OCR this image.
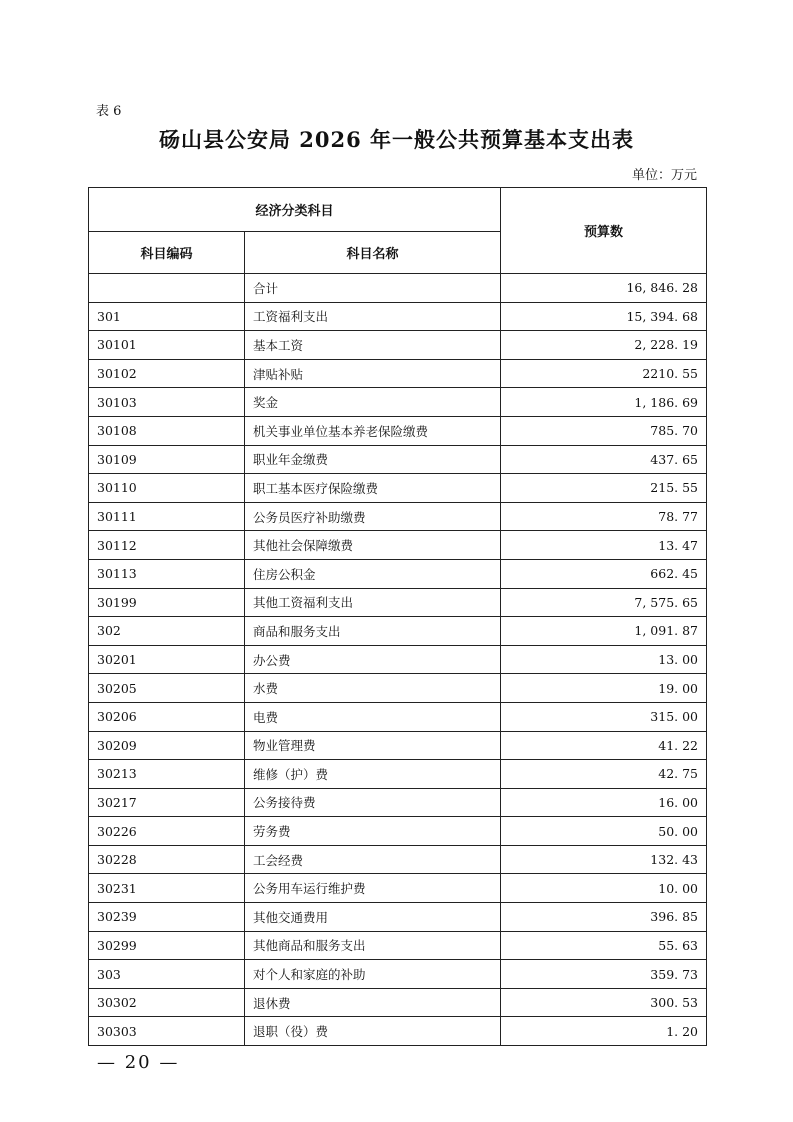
表 6
砀山县公安局 2026 年一般公共预算基本支出表
单位：万元
经济分类科目		预算数
科目编码	科目名称	
	合计	16, 846. 28
301	工资福利支出	15, 394. 68
30101	基本工资	2, 228. 19
30102	津贴补贴	2210. 55
30103	奖金	1, 186. 69
30108	机关事业单位基本养老保险缴费	785. 70
30109	职业年金缴费	437. 65
30110	职工基本医疗保险缴费	215. 55
30111	公务员医疗补助缴费	78. 77
30112	其他社会保障缴费	13. 47
30113	住房公积金	662. 45
30199	其他工资福利支出	7, 575. 65
302	商品和服务支出	1, 091. 87
30201	办公费	13. 00
30205	水费	19. 00
30206	电费	315. 00
30209	物业管理费	41. 22
30213	维修（护）费	42. 75
30217	公务接待费	16. 00
30226	劳务费	50. 00
30228	工会经费	132. 43
30231	公务用车运行维护费	10. 00
30239	其他交通费用	396. 85
30299	其他商品和服务支出	55. 63
303	对个人和家庭的补助	359. 73
30302	退休费	300. 53
30303	退职（役）费	1. 20
— 20 —
